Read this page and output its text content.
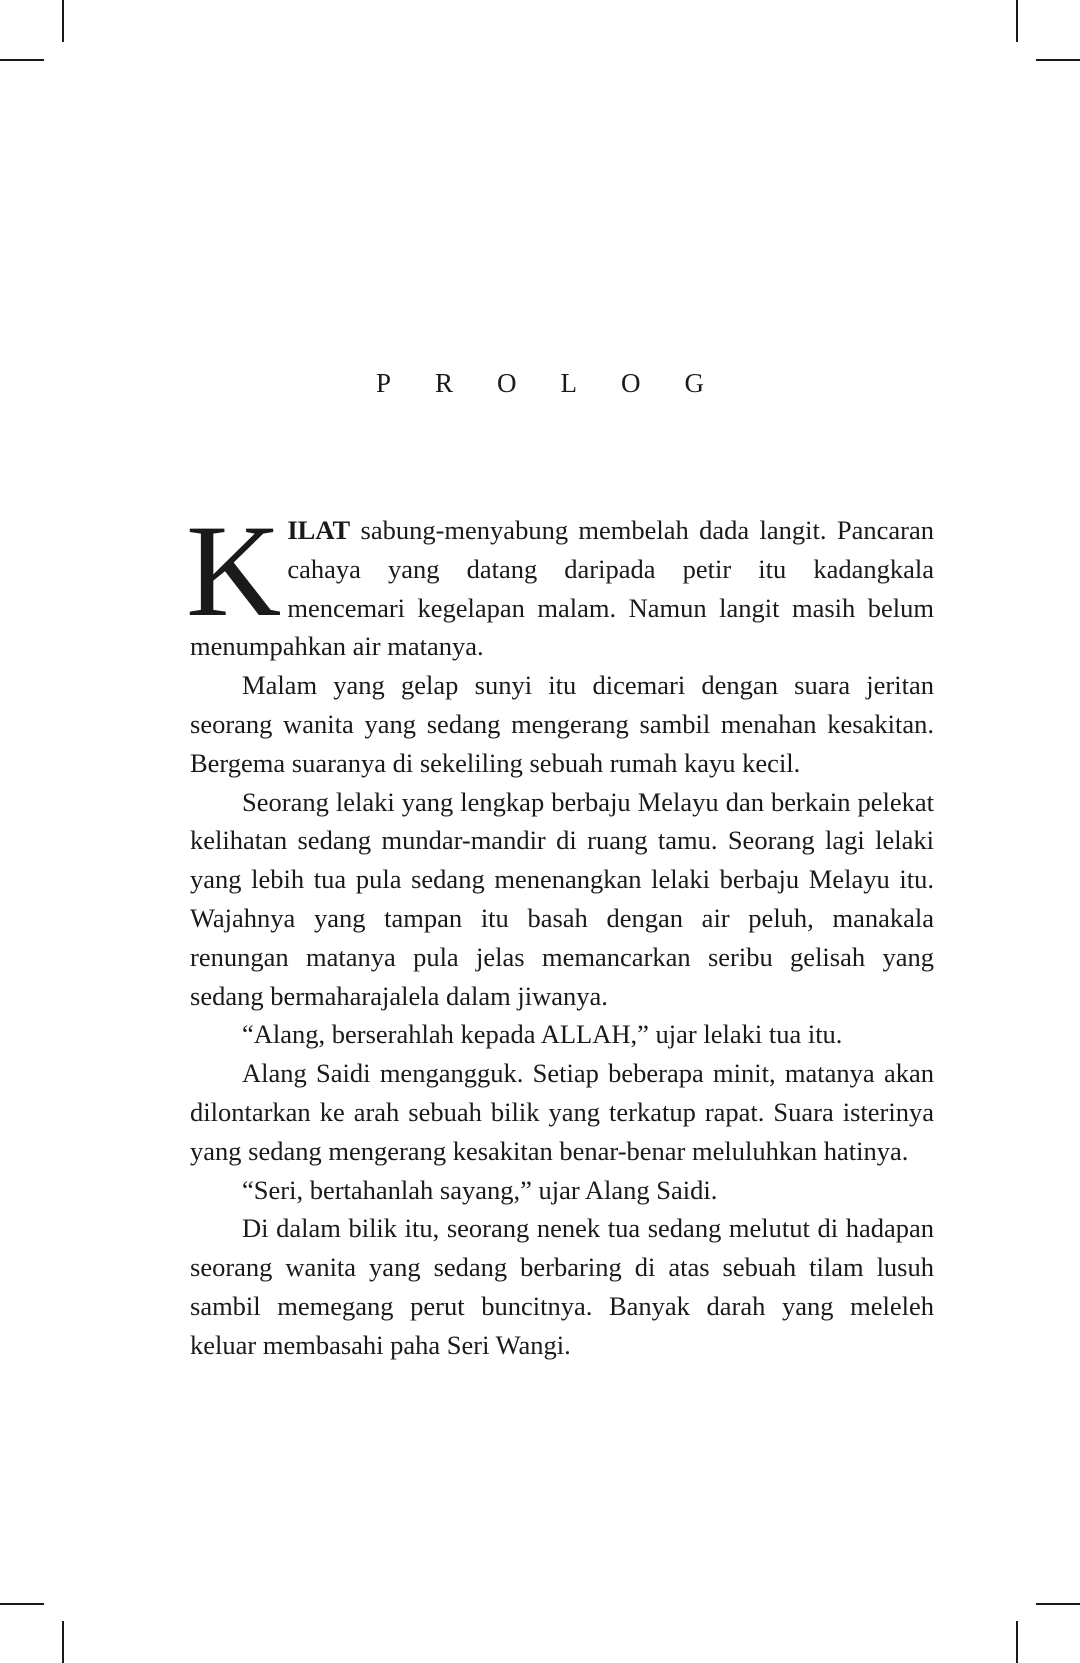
PROLOG

KILAT sabung-menyabung membelah dada langit. Pancaran cahaya yang datang daripada petir itu kadangkala mencemari kegelapan malam. Namun langit masih belum menumpahkan air matanya.

Malam yang gelap sunyi itu dicemari dengan suara jeritan seorang wanita yang sedang mengerang sambil menahan kesakitan. Bergema suaranya di sekeliling sebuah rumah kayu kecil.

Seorang lelaki yang lengkap berbaju Melayu dan berkain pelekat kelihatan sedang mundar-mandir di ruang tamu. Seorang lagi lelaki yang lebih tua pula sedang menenangkan lelaki berbaju Melayu itu. Wajahnya yang tampan itu basah dengan air peluh, manakala renungan matanya pula jelas memancarkan seribu gelisah yang sedang bermaharajalela dalam jiwanya.

“Alang, berserahlah kepada ALLAH,” ujar lelaki tua itu.

Alang Saidi mengangguk. Setiap beberapa minit, matanya akan dilontarkan ke arah sebuah bilik yang terkatup rapat. Suara isterinya yang sedang mengerang kesakitan benar-benar meluluhkan hatinya.

“Seri, bertahanlah sayang,” ujar Alang Saidi.

Di dalam bilik itu, seorang nenek tua sedang melutut di hadapan seorang wanita yang sedang berbaring di atas sebuah tilam lusuh sambil memegang perut buncitnya. Banyak darah yang meleleh keluar membasahi paha Seri Wangi.
